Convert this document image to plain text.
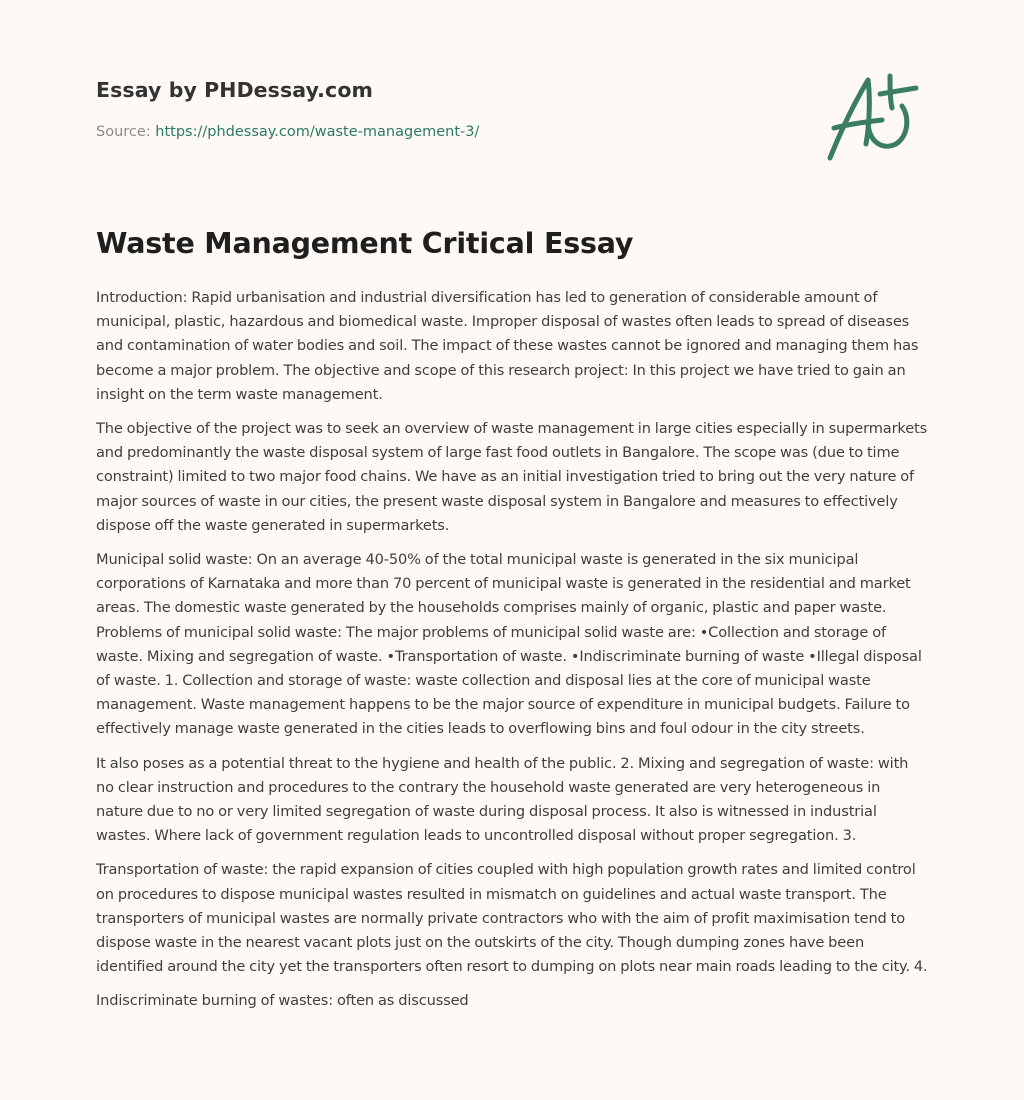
Essay by PHDessay.com
Source: https://phdessay.com/waste-management-3/
Waste Management Critical Essay

Introduction: Rapid urbanisation and industrial diversification has led to generation of considerable amount of municipal, plastic, hazardous and biomedical waste. Improper disposal of wastes often leads to spread of diseases and contamination of water bodies and soil. The impact of these wastes cannot be ignored and managing them has become a major problem. The objective and scope of this research project: In this project we have tried to gain an insight on the term waste management.

The objective of the project was to seek an overview of waste management in large cities especially in supermarkets and predominantly the waste disposal system of large fast food outlets in Bangalore. The scope was (due to time constraint) limited to two major food chains. We have as an initial investigation tried to bring out the very nature of major sources of waste in our cities, the present waste disposal system in Bangalore and measures to effectively dispose off the waste generated in supermarkets.

Municipal solid waste: On an average 40-50% of the total municipal waste is generated in the six municipal corporations of Karnataka and more than 70 percent of municipal waste is generated in the residential and market areas. The domestic waste generated by the households comprises mainly of organic, plastic and paper waste. Problems of municipal solid waste: The major problems of municipal solid waste are: •Collection and storage of waste. Mixing and segregation of waste. •Transportation of waste. •Indiscriminate burning of waste •Illegal disposal of waste. 1. Collection and storage of waste: waste collection and disposal lies at the core of municipal waste management. Waste management happens to be the major source of expenditure in municipal budgets. Failure to effectively manage waste generated in the cities leads to overflowing bins and foul odour in the city streets.

It also poses as a potential threat to the hygiene and health of the public. 2. Mixing and segregation of waste: with no clear instruction and procedures to the contrary the household waste generated are very heterogeneous in nature due to no or very limited segregation of waste during disposal process. It also is witnessed in industrial wastes. Where lack of government regulation leads to uncontrolled disposal without proper segregation. 3.

Transportation of waste: the rapid expansion of cities coupled with high population growth rates and limited control on procedures to dispose municipal wastes resulted in mismatch on guidelines and actual waste transport. The transporters of municipal wastes are normally private contractors who with the aim of profit maximisation tend to dispose waste in the nearest vacant plots just on the outskirts of the city. Though dumping zones have been identified around the city yet the transporters often resort to dumping on plots near main roads leading to the city. 4.

Indiscriminate burning of wastes: often as discussed
